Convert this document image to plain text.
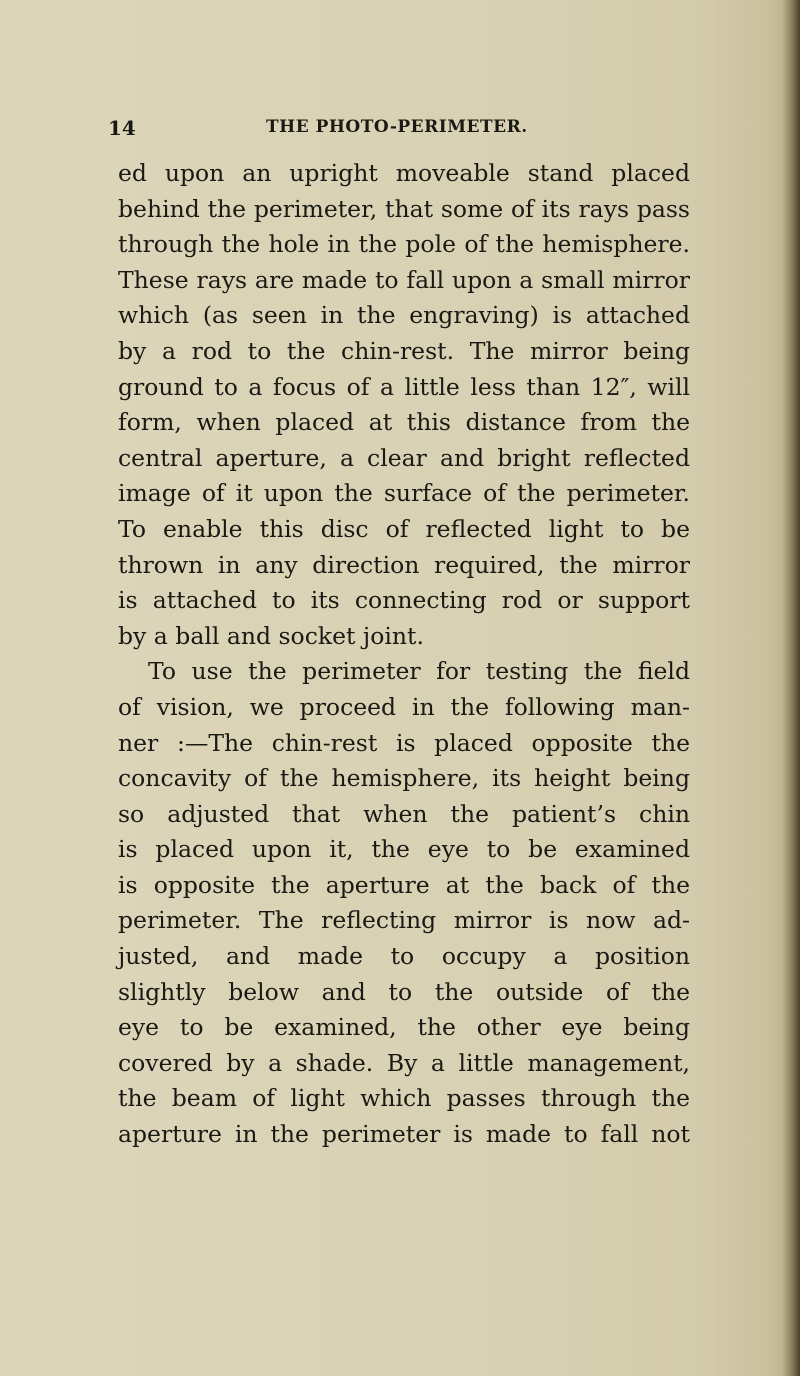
14	THE PHOTO-PERIMETER.
ed upon an upright moveable stand placed
behind the perimeter, that some of its rays pass
through the hole in the pole of the hemisphere.
These rays are made to fall upon a small mirror
which (as seen in the engraving) is attached
by a rod to the chin-rest. The mirror being
ground to a focus of a little less than 12″, will
form, when placed at this distance from the
central aperture, a clear and bright reflected
image of it upon the surface of the perimeter.
To enable this disc of reflected light to be
thrown in any direction required, the mirror
is attached to its connecting rod or support
by a ball and socket joint.
To use the perimeter for testing the field
of vision, we proceed in the following man-
ner :—The chin-rest is placed opposite the
concavity of the hemisphere, its height being
so adjusted that when the patient’s chin
is placed upon it, the eye to be examined
is opposite the aperture at the back of the
perimeter. The reflecting mirror is now ad-
justed, and made to occupy a position
slightly below and to the outside of the
eye to be examined, the other eye being
covered by a shade. By a little management,
the beam of light which passes through the
aperture in the perimeter is made to fall not
